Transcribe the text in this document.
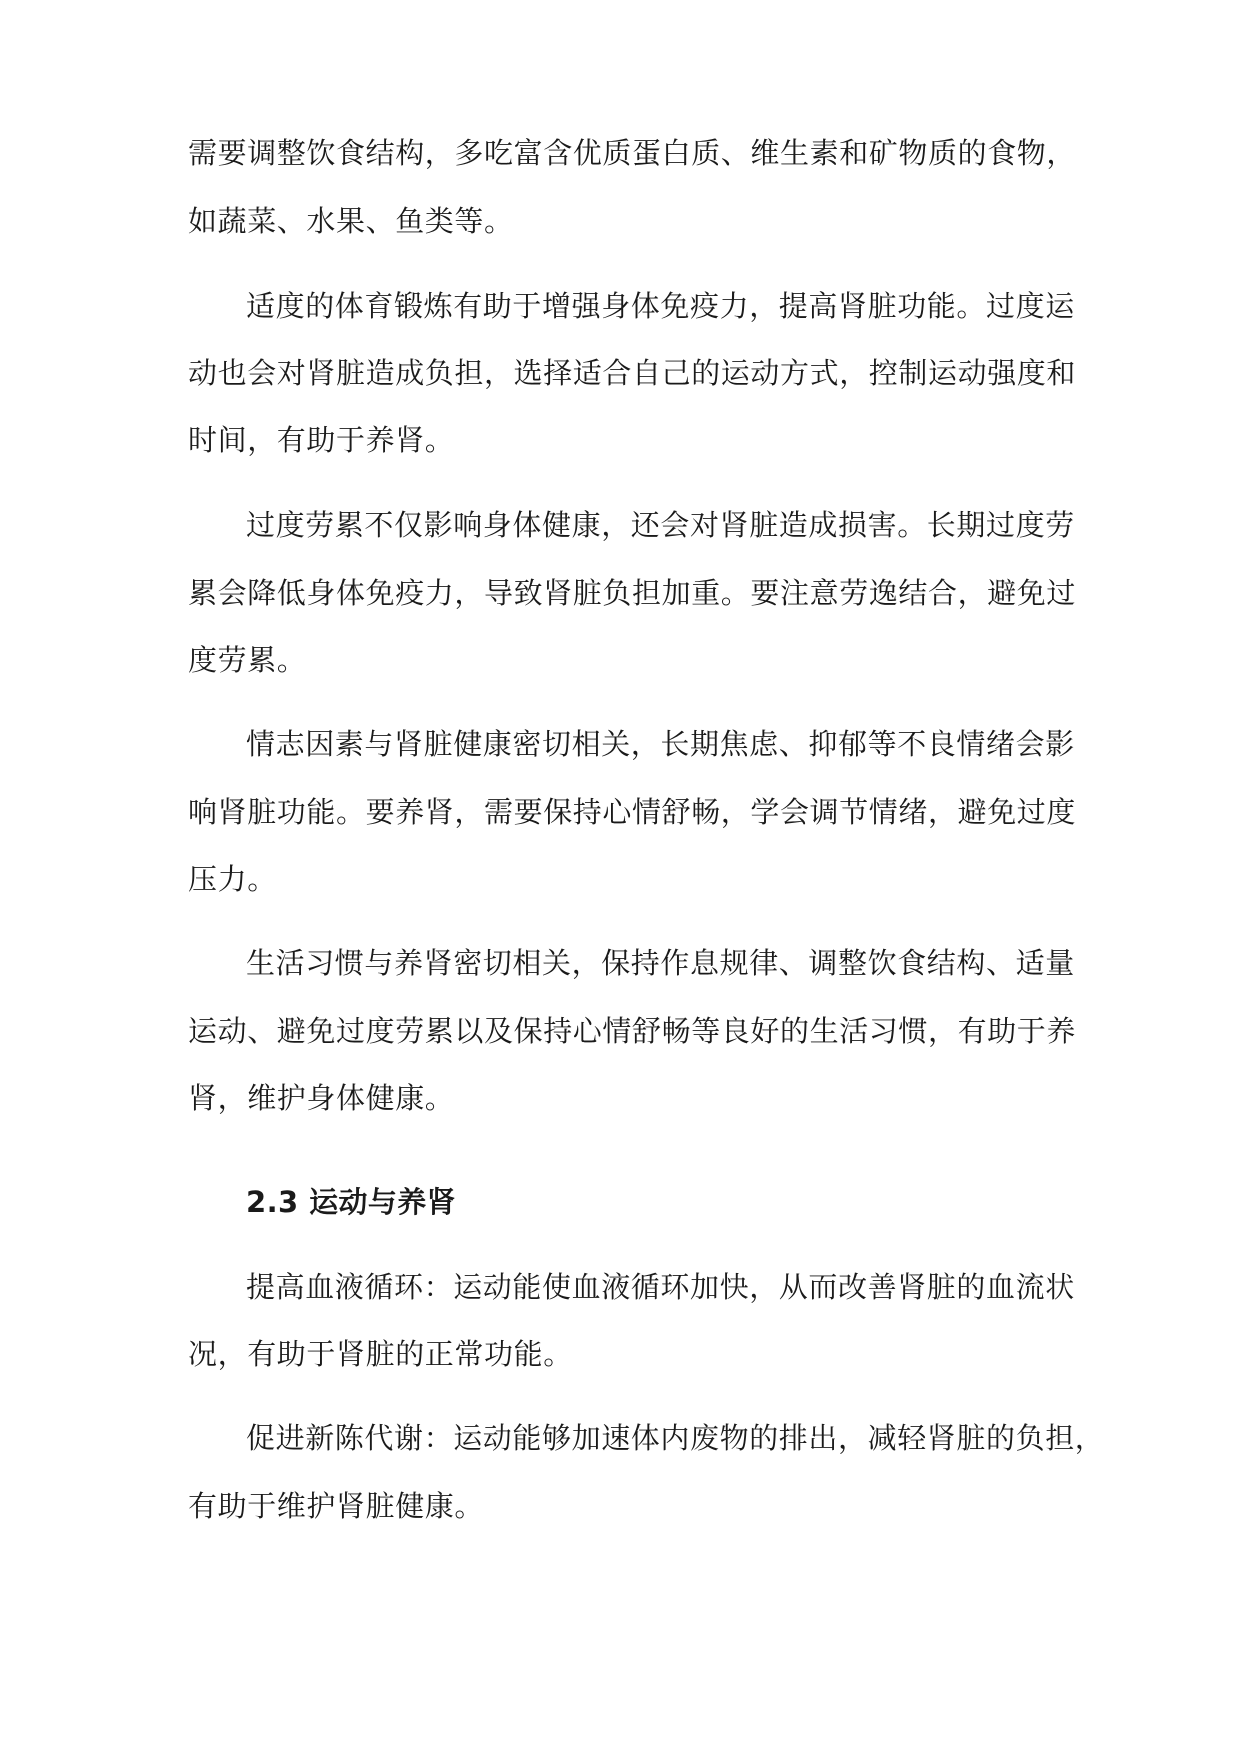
需要调整饮食结构，多吃富含优质蛋白质、维生素和矿物质的食物，

如蔬菜、水果、鱼类等。

适度的体育锻炼有助于增强身体免疫力，提高肾脏功能。过度运

动也会对肾脏造成负担，选择适合自己的运动方式，控制运动强度和

时间，有助于养肾。

过度劳累不仅影响身体健康，还会对肾脏造成损害。长期过度劳

累会降低身体免疫力，导致肾脏负担加重。要注意劳逸结合，避免过

度劳累。

情志因素与肾脏健康密切相关，长期焦虑、抑郁等不良情绪会影

响肾脏功能。要养肾，需要保持心情舒畅，学会调节情绪，避免过度

压力。

生活习惯与养肾密切相关，保持作息规律、调整饮食结构、适量

运动、避免过度劳累以及保持心情舒畅等良好的生活习惯，有助于养

肾，维护身体健康。

2.3 运动与养肾

提高血液循环：运动能使血液循环加快，从而改善肾脏的血流状

况，有助于肾脏的正常功能。

促进新陈代谢：运动能够加速体内废物的排出，减轻肾脏的负担，

有助于维护肾脏健康。
